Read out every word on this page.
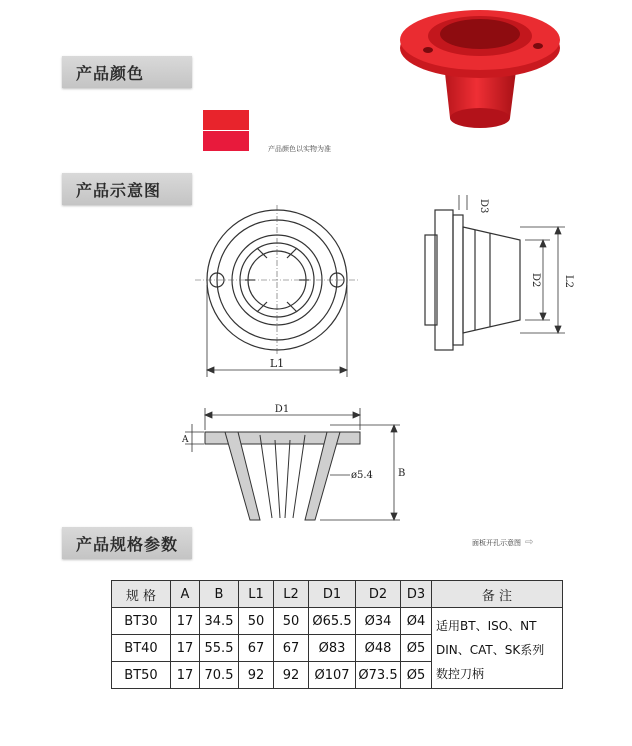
产品颜色
产品颜色以实物为准
产品示意图
L1
D3
D2 L2
D1
A
B
ø5.4
面板开孔示意图 ⇨
产品规格参数
规 格	A	B	L1	L2	D1	D2	D3	备 注
BT30	17	34.5	50	50	Ø65.5	Ø34	Ø4	适用BT、ISO、NT
DIN、CAT、SK系列
数控刀柄

BT40	17	55.5	67	67	Ø83	Ø48	Ø5	
BT50	17	70.5	92	92	Ø107	Ø73.5	Ø5	
